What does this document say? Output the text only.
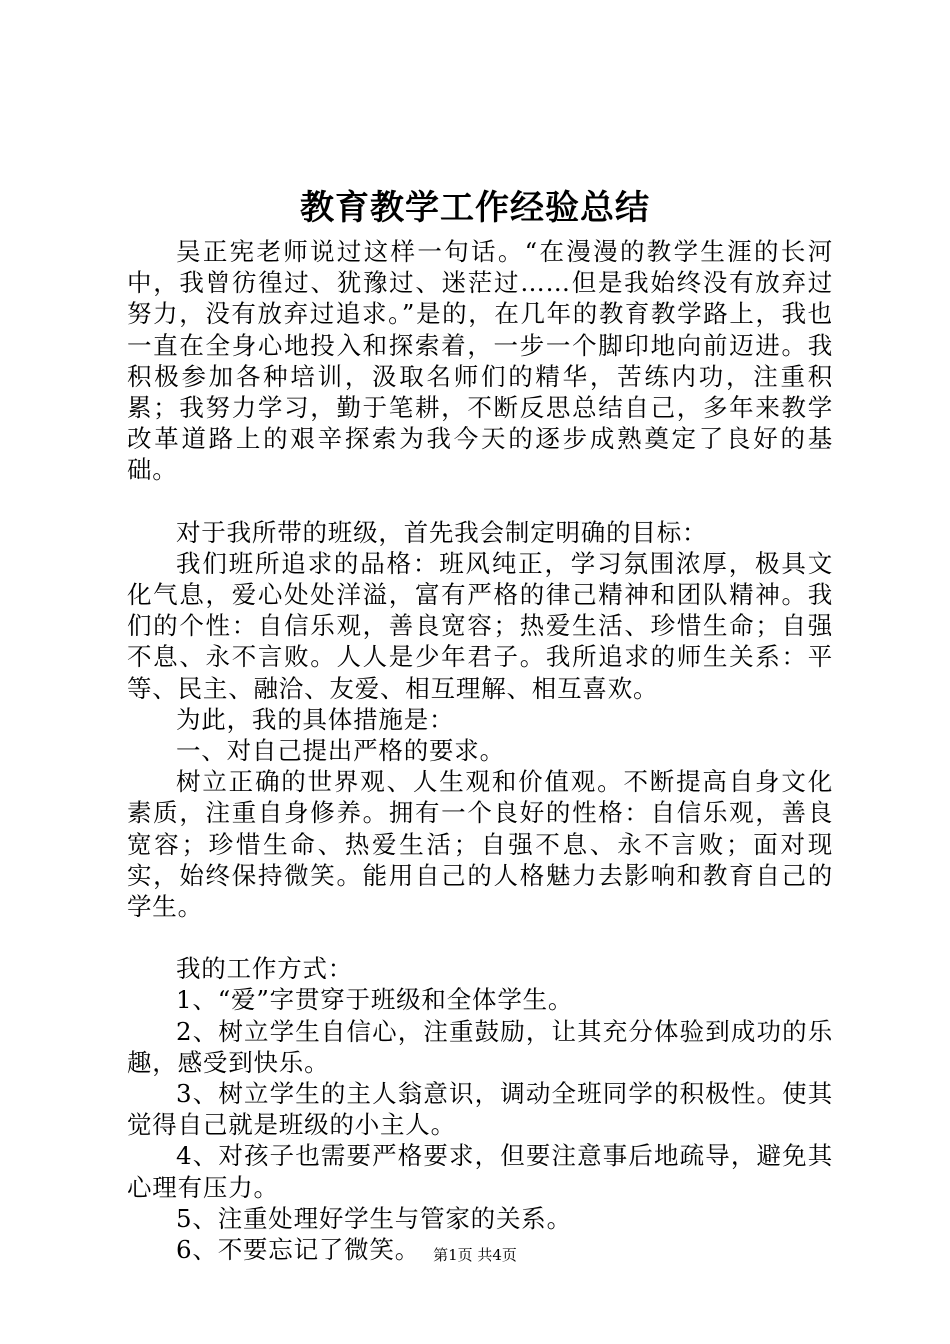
教育教学工作经验总结

吴正宪老师说过这样一句话。“在漫漫的教学生涯的长河中，我曾彷徨过、犹豫过、迷茫过……但是我始终没有放弃过努力，没有放弃过追求。”是的，在几年的教育教学路上，我也一直在全身心地投入和探索着，一步一个脚印地向前迈进。我积极参加各种培训，汲取名师们的精华，苦练内功，注重积累；我努力学习，勤于笔耕，不断反思总结自己，多年来教学改革道路上的艰辛探索为我今天的逐步成熟奠定了良好的基础。

对于我所带的班级，首先我会制定明确的目标：

我们班所追求的品格：班风纯正，学习氛围浓厚，极具文化气息，爱心处处洋溢，富有严格的律己精神和团队精神。我们的个性：自信乐观，善良宽容；热爱生活、珍惜生命；自强不息、永不言败。人人是少年君子。我所追求的师生关系：平等、民主、融洽、友爱、相互理解、相互喜欢。

为此，我的具体措施是：

一、对自己提出严格的要求。

树立正确的世界观、人生观和价值观。不断提高自身文化素质，注重自身修养。拥有一个良好的性格：自信乐观，善良宽容；珍惜生命、热爱生活；自强不息、永不言败；面对现实，始终保持微笑。能用自己的人格魅力去影响和教育自己的学生。

我的工作方式：

1、“爱”字贯穿于班级和全体学生。

2、树立学生自信心，注重鼓励，让其充分体验到成功的乐趣，感受到快乐。

3、树立学生的主人翁意识，调动全班同学的积极性。使其觉得自己就是班级的小主人。

4、对孩子也需要严格要求，但要注意事后地疏导，避免其心理有压力。

5、注重处理好学生与管家的关系。

6、不要忘记了微笑。 第1页 共4页
